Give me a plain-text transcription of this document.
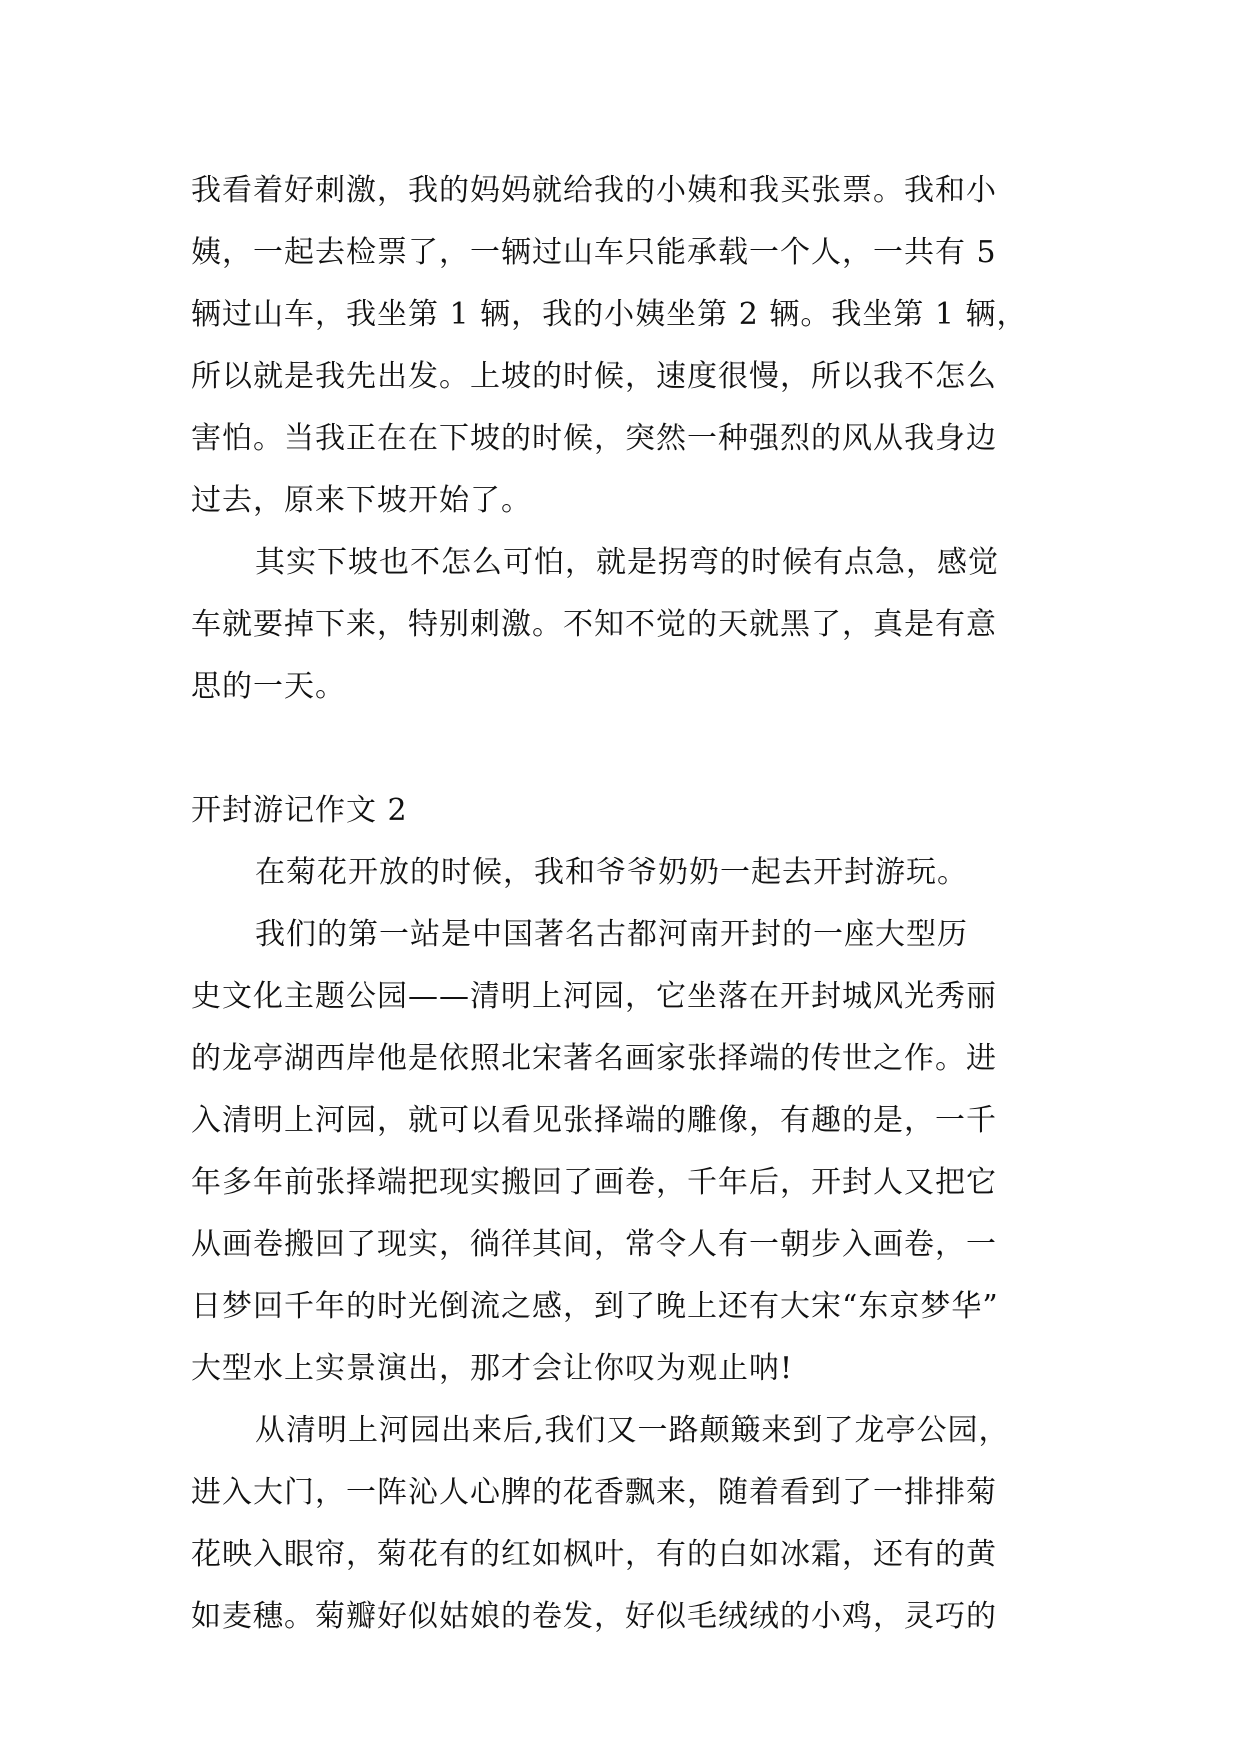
我看着好刺激，我的妈妈就给我的小姨和我买张票。我和小
姨，一起去检票了，一辆过山车只能承载一个人，一共有 5
辆过山车，我坐第 1 辆，我的小姨坐第 2 辆。我坐第 1 辆，
所以就是我先出发。上坡的时候，速度很慢，所以我不怎么
害怕。当我正在在下坡的时候，突然一种强烈的风从我身边
过去，原来下坡开始了。
其实下坡也不怎么可怕，就是拐弯的时候有点急，感觉
车就要掉下来，特别刺激。不知不觉的天就黑了，真是有意
思的一天。
开封游记作文 2
在菊花开放的时候，我和爷爷奶奶一起去开封游玩。
我们的第一站是中国著名古都河南开封的一座大型历
史文化主题公园——清明上河园，它坐落在开封城风光秀丽
的龙亭湖西岸他是依照北宋著名画家张择端的传世之作。进
入清明上河园，就可以看见张择端的雕像，有趣的是，一千
年多年前张择端把现实搬回了画卷，千年后，开封人又把它
从画卷搬回了现实，徜徉其间，常令人有一朝步入画卷，一
日梦回千年的时光倒流之感，到了晚上还有大宋“东京梦华”
大型水上实景演出，那才会让你叹为观止呐!
从清明上河园出来后,我们又一路颠簸来到了龙亭公园，
进入大门，一阵沁人心脾的花香飘来，随着看到了一排排菊
花映入眼帘，菊花有的红如枫叶，有的白如冰霜，还有的黄
如麦穗。菊瓣好似姑娘的卷发，好似毛绒绒的小鸡，灵巧的
